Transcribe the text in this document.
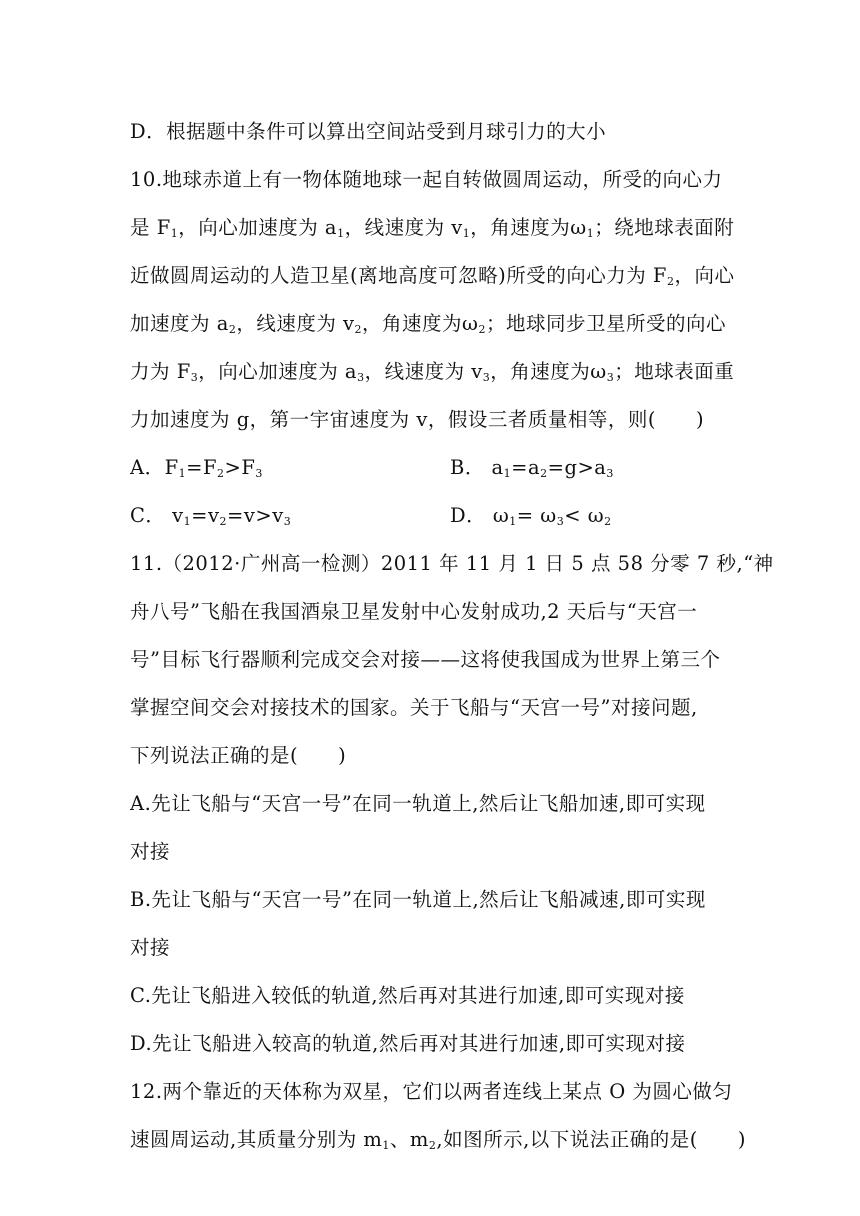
D．根据题中条件可以算出空间站受到月球引力的大小
10.地球赤道上有一物体随地球一起自转做圆周运动，所受的向心力
是 $F_1$，向心加速度为 $a_1$，线速度为 $v_1$，角速度为$\omega_1$；绕地球表面附
近做圆周运动的人造卫星(离地高度可忽略)所受的向心力为 $F_2$，向心
加速度为 $a_2$，线速度为 $v_2$，角速度为$\omega_2$；地球同步卫星所受的向心
力为 $F_3$，向心加速度为 $a_3$，线速度为 $v_3$，角速度为$\omega_3$；地球表面重
力加速度为 g，第一宇宙速度为 v，假设三者质量相等，则(　　)
A．$F_1=F_2>F_3$	B． $a_1=a_2=g>a_3$
C． $v_1=v_2=v>v_3$	D． $\omega_1= \omega_3< \omega_2$
11.（2012·广州高一检测）2011 年 11 月 1 日 5 点 58 分零 7 秒,“神
舟八号”飞船在我国酒泉卫星发射中心发射成功,2 天后与“天宫一
号”目标飞行器顺利完成交会对接——这将使我国成为世界上第三个
掌握空间交会对接技术的国家。关于飞船与“天宫一号”对接问题,
下列说法正确的是(　　)
A.先让飞船与“天宫一号”在同一轨道上,然后让飞船加速,即可实现
对接
B.先让飞船与“天宫一号”在同一轨道上,然后让飞船减速,即可实现
对接
C.先让飞船进入较低的轨道,然后再对其进行加速,即可实现对接
D.先让飞船进入较高的轨道,然后再对其进行加速,即可实现对接
12.两个靠近的天体称为双星，它们以两者连线上某点 O 为圆心做匀
速圆周运动,其质量分别为 $m_1$、$m_2$,如图所示,以下说法正确的是(　　)
